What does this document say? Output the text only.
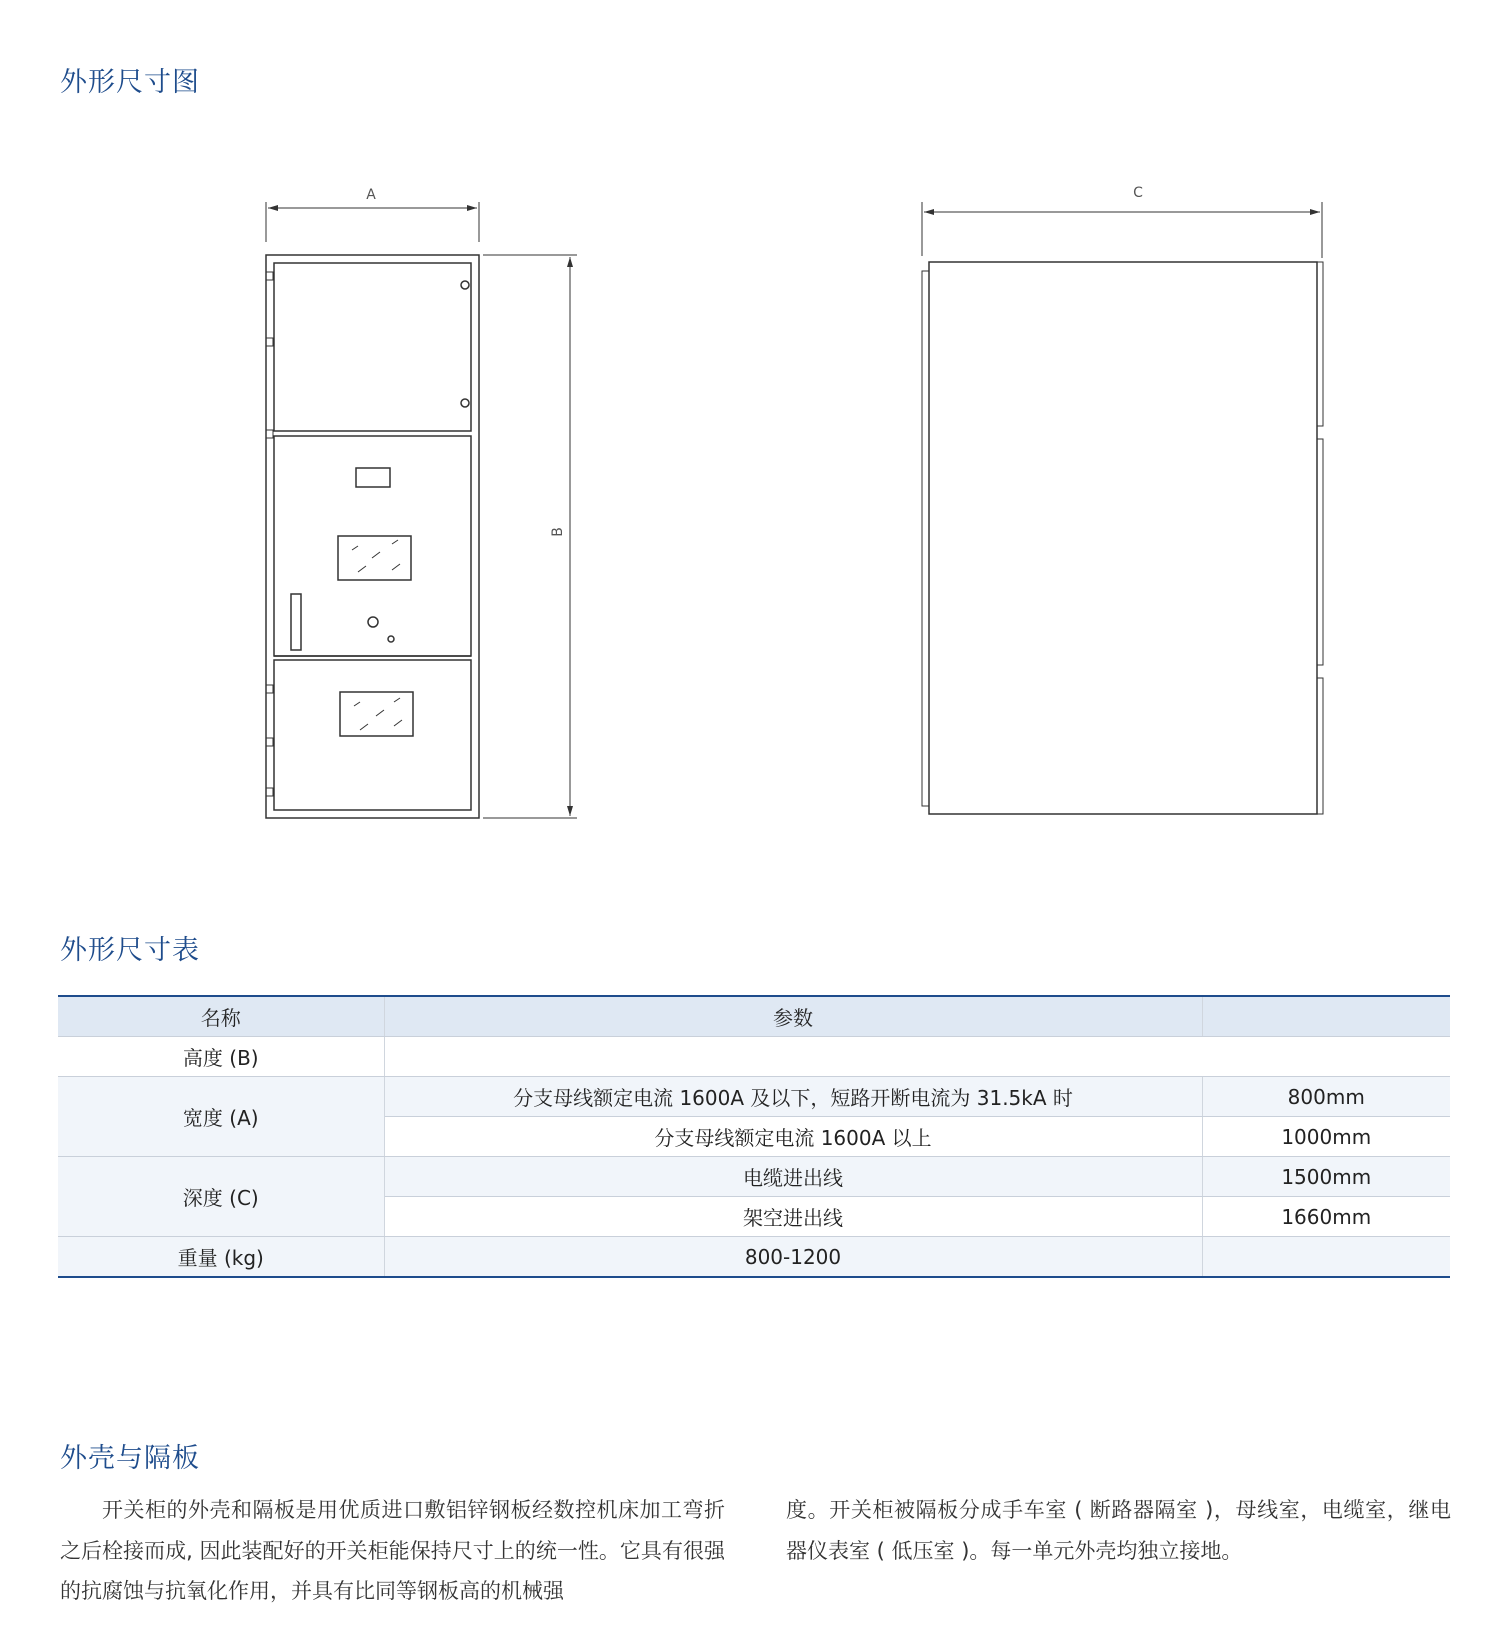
外形尺寸图
A
B
C
外形尺寸表
名称	参数	
高度 (B)		
宽度 (A)	分支母线额定电流 1600A 及以下，短路开断电流为 31.5kA 时	800mm
	分支母线额定电流 1600A 以上	1000mm
深度 (C)	电缆进出线	1500mm
	架空进出线	1660mm
重量 (kg)	800-1200	
外壳与隔板

开关柜的外壳和隔板是用优质进口敷铝锌钢板经数控机床加工弯折之后栓接而成, 因此装配好的开关柜能保持尺寸上的统一性。它具有很强的抗腐蚀与抗氧化作用，并具有比同等钢板高的机械强

度。开关柜被隔板分成手车室 ( 断路器隔室 )，母线室，电缆室，继电器仪表室 ( 低压室 )。每一单元外壳均独立接地。
